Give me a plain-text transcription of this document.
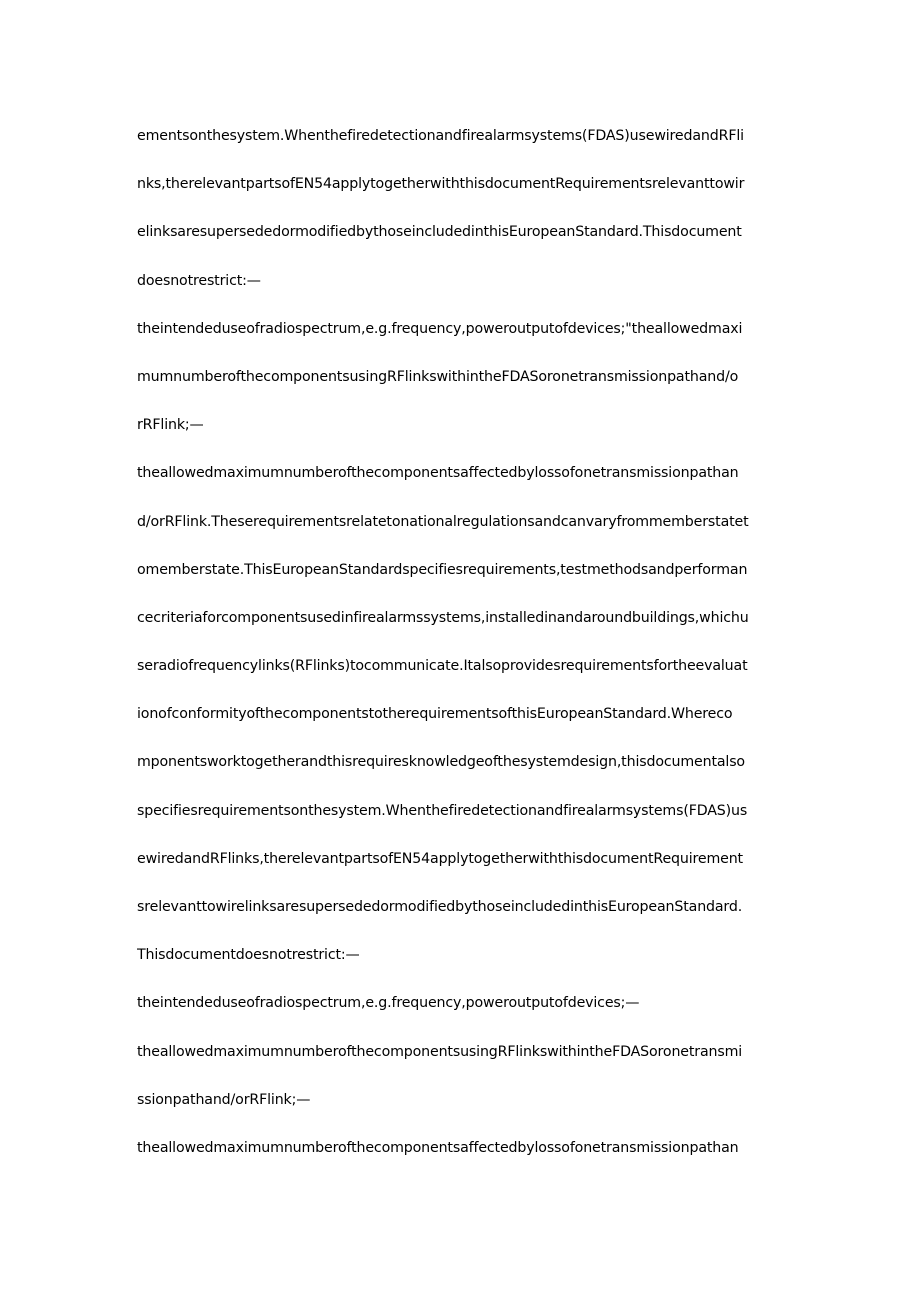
ementsonthesystem.Whenthefiredetectionandfirealarmsystems(FDAS)usewiredandRFli
nks,therelevantpartsofEN54applytogetherwiththisdocumentRequirementsrelevanttowir
elinksaresupersededormodifiedbythoseincludedinthisEuropeanStandard.Thisdocument
doesnotrestrict:—
theintendeduseofradiospectrum,e.g.frequency,poweroutputofdevices;"theallowedmaxi
mumnumberofthecomponentsusingRFlinkswithintheFDASoronetransmissionpathand/o
rRFlink;—
theallowedmaximumnumberofthecomponentsaffectedbylossofonetransmissionpathan
d/orRFlink.Theserequirementsrelatetonationalregulationsandcanvaryfrommemberstatet
omemberstate.ThisEuropeanStandardspecifiesrequirements,testmethodsandperforman
cecriteriaforcomponentsusedinfirealarmssystems,installedinandaroundbuildings,whichu
seradiofrequencylinks(RFlinks)tocommunicate.Italsoprovidesrequirementsfortheevaluat
ionofconformityofthecomponentstotherequirementsofthisEuropeanStandard.Whereco
mponentsworktogetherandthisrequiresknowledgeofthesystemdesign,thisdocumentalso
specifiesrequirementsonthesystem.Whenthefiredetectionandfirealarmsystems(FDAS)us
ewiredandRFlinks,therelevantpartsofEN54applytogetherwiththisdocumentRequirement
srelevanttowirelinksaresupersededormodifiedbythoseincludedinthisEuropeanStandard.
Thisdocumentdoesnotrestrict:—
theintendeduseofradiospectrum,e.g.frequency,poweroutputofdevices;—
theallowedmaximumnumberofthecomponentsusingRFlinkswithintheFDASoronetransmi
ssionpathand/orRFlink;—
theallowedmaximumnumberofthecomponentsaffectedbylossofonetransmissionpathan
